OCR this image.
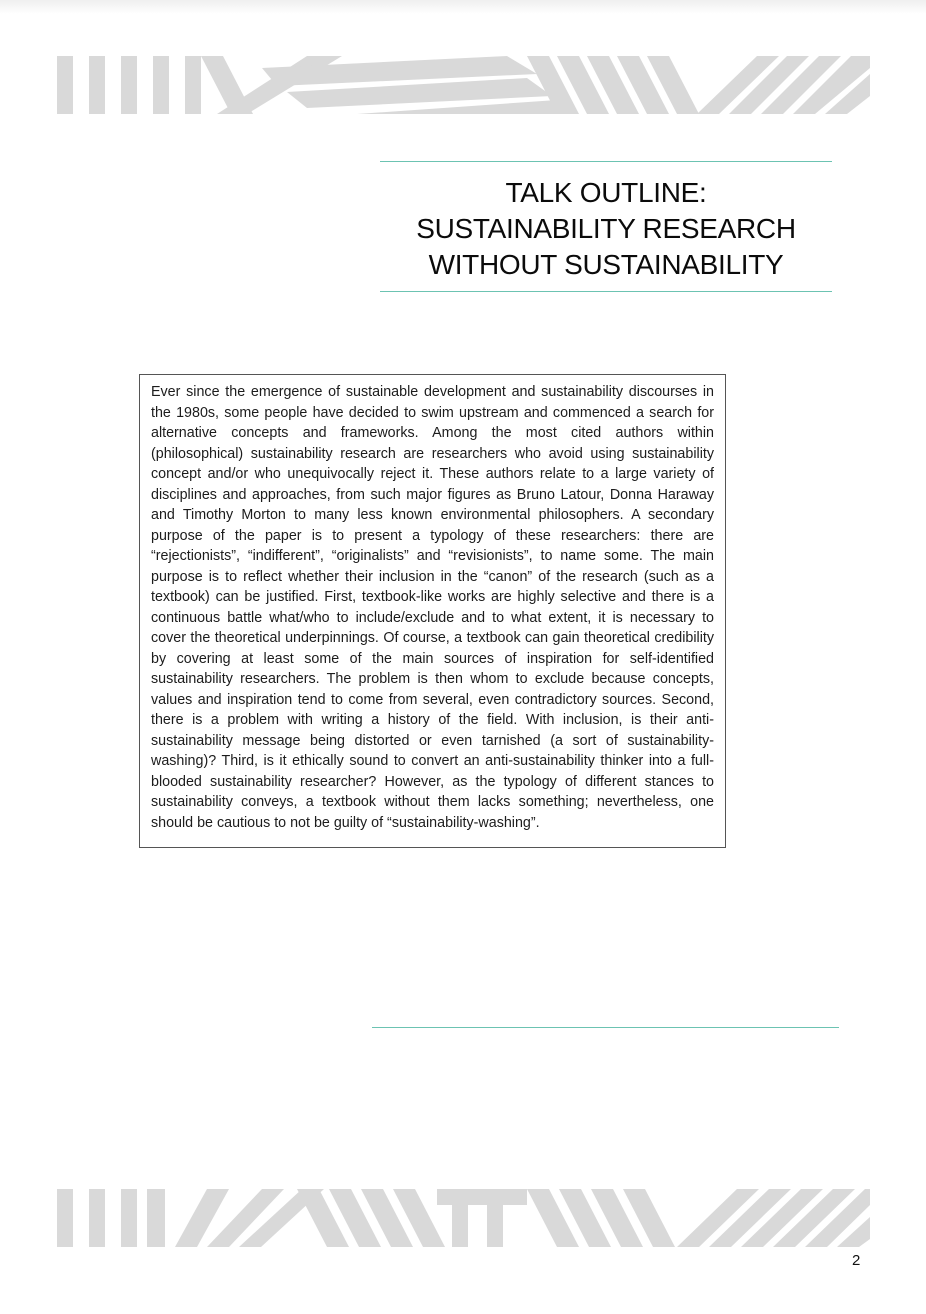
TALK OUTLINE:
SUSTAINABILITY RESEARCH
WITHOUT SUSTAINABILITY
Ever since the emergence of sustainable development and sustainability discourses in the 1980s, some people have decided to swim upstream and commenced a search for alternative concepts and frameworks. Among the most cited authors within (philosophical) sustainability research are researchers who avoid using sustainability concept and/or who unequivocally reject it. These authors relate to a large variety of disciplines and approaches, from such major figures as Bruno Latour, Donna Haraway and Timothy Morton to many less known environmental philosophers. A secondary purpose of the paper is to present a typology of these researchers: there are “rejectionists”, “indifferent”, “originalists” and “revisionists”, to name some. The main purpose is to reflect whether their inclusion in the “canon” of the research (such as a textbook) can be justified. First, textbook-like works are highly selective and there is a continuous battle what/who to include/exclude and to what extent, it is necessary to cover the theoretical underpinnings. Of course, a textbook can gain theoretical credibility by covering at least some of the main sources of inspiration for self-identified sustainability researchers. The problem is then whom to exclude because concepts, values and inspiration tend to come from several, even contradictory sources. Second, there is a problem with writing a history of the field. With inclusion, is their anti-sustainability message being distorted or even tarnished (a sort of sustainability-washing)? Third, is it ethically sound to convert an anti-sustainability thinker into a full-blooded sustainability researcher? However, as the typology of different stances to sustainability conveys, a textbook without them lacks something; nevertheless, one should be cautious to not be guilty of “sustainability-washing”.
2
